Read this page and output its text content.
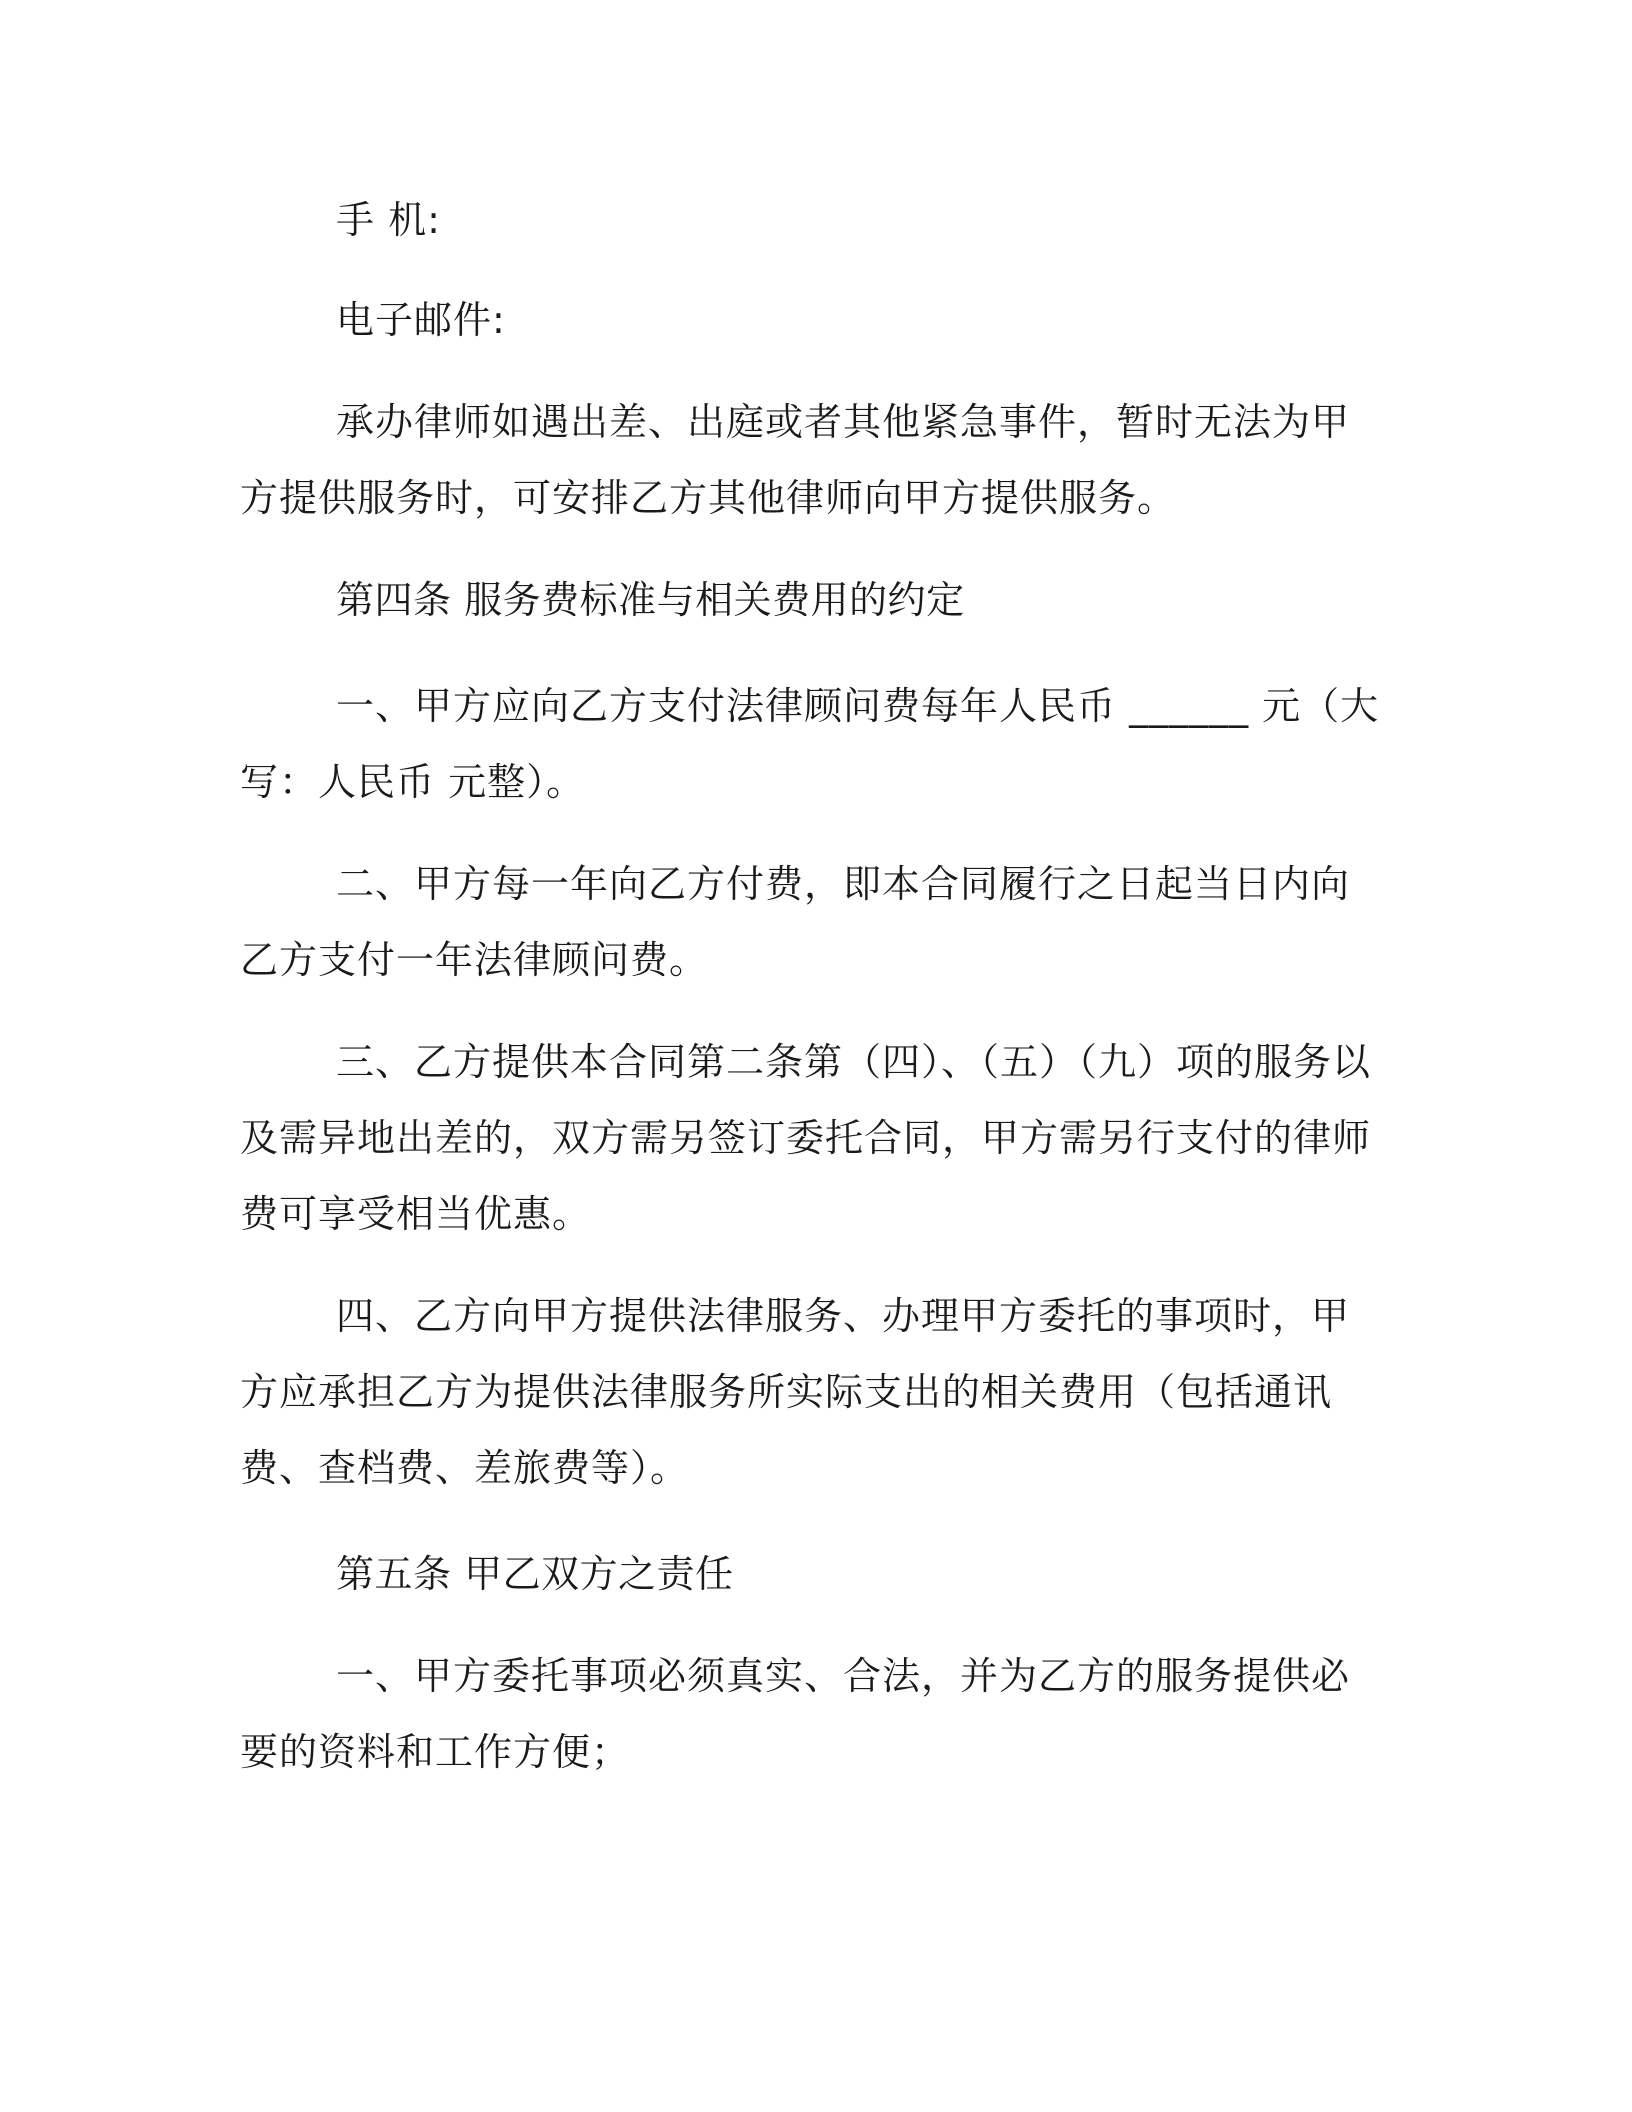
手 机:

电子邮件:

承办律师如遇出差、出庭或者其他紧急事件，暂时无法为甲方提供服务时，可安排乙方其他律师向甲方提供服务。

第四条 服务费标准与相关费用的约定

一、甲方应向乙方支付法律顾问费每年人民币 ______ 元（大写：人民币 元整）。

二、甲方每一年向乙方付费，即本合同履行之日起当日内向乙方支付一年法律顾问费。

三、乙方提供本合同第二条第（四）、（五）（九）项的服务以及需异地出差的，双方需另签订委托合同，甲方需另行支付的律师费可享受相当优惠。

四、乙方向甲方提供法律服务、办理甲方委托的事项时，甲方应承担乙方为提供法律服务所实际支出的相关费用（包括通讯费、查档费、差旅费等）。

第五条 甲乙双方之责任

一、甲方委托事项必须真实、合法，并为乙方的服务提供必要的资料和工作方便；
